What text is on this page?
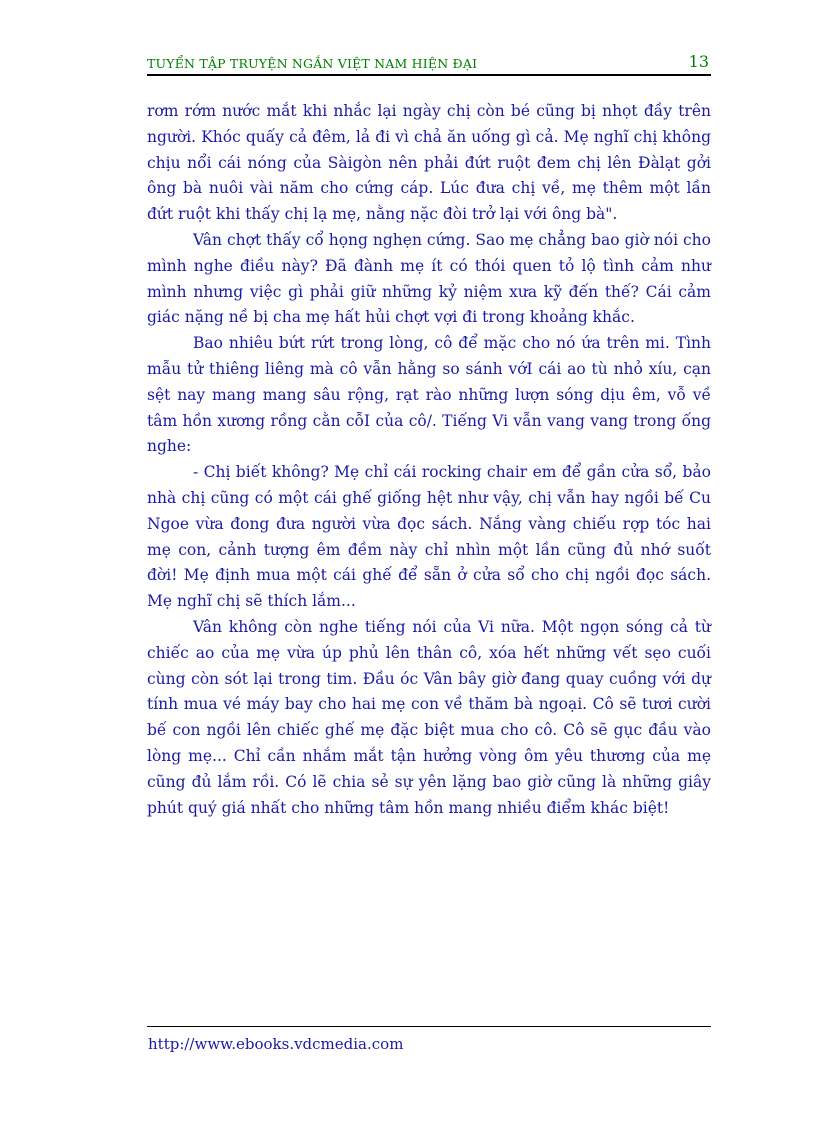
TUYỂN TẬP TRUYỆN NGẮN VIỆT NAM HIỆN ĐẠI	13

rơm rớm nước mắt khi nhắc lại ngày chị còn bé cũng bị nhọt đầy trên người. Khóc quấy cả đêm, lả đi vì chả ăn uống gì cả. Mẹ nghĩ chị không chịu nổi cái nóng của Sàigòn nên phải đứt ruột đem chị lên Đàlạt gởi ông bà nuôi vài năm cho cứng cáp. Lúc đưa chị về, mẹ thêm một lần đứt ruột khi thấy chị lạ mẹ, nằng nặc đòi trở lại với ông bà".

Vân chợt thấy cổ họng nghẹn cứng. Sao mẹ chẳng bao giờ nói cho mình nghe điều này? Đã đành mẹ ít có thói quen tỏ lộ tình cảm như mình nhưng việc gì phải giữ những kỷ niệm xưa kỹ đến thế? Cái cảm giác nặng nề bị cha mẹ hất hủi chợt vợi đi trong khoảng khắc.

Bao nhiêu bứt rứt trong lòng, cô để mặc cho nó ứa trên mi. Tình mẫu tử thiêng liêng mà cô vẫn hằng so sánh vớI cái ao tù nhỏ xíu, cạn sệt nay mang mang sâu rộng, rạt rào những lượn sóng dịu êm, vỗ về tâm hồn xương rồng cằn cỗI của cô/. Tiếng Vi vẫn vang vang trong ống nghe:

- Chị biết không? Mẹ chỉ cái rocking chair em để gần cửa sổ, bảo nhà chị cũng có một cái ghế giống hệt như vậy, chị vẫn hay ngồi bế Cu Ngoe vừa đong đưa người vừa đọc sách. Nắng vàng chiếu rợp tóc hai mẹ con, cảnh tượng êm đềm này chỉ nhìn một lần cũng đủ nhớ suốt đời! Mẹ định mua một cái ghế để sẵn ở cửa sổ cho chị ngồi đọc sách. Mẹ nghĩ chị sẽ thích lắm...

Vân không còn nghe tiếng nói của Vi nữa. Một ngọn sóng cả từ chiếc ao của mẹ vừa úp phủ lên thân cô, xóa hết những vết sẹo cuối cùng còn sót lại trong tim. Đầu óc Vân bây giờ đang quay cuồng với dự tính mua vé máy bay cho hai mẹ con về thăm bà ngoại. Cô sẽ tươi cười bế con ngồi lên chiếc ghế mẹ đặc biệt mua cho cô. Cô sẽ gục đầu vào lòng mẹ... Chỉ cần nhắm mắt tận hưởng vòng ôm yêu thương của mẹ cũng đủ lắm rồi. Có lẽ chia sẻ sự yên lặng bao giờ cũng là những giây phút quý giá nhất cho những tâm hồn mang nhiều điểm khác biệt!

http://www.ebooks.vdcmedia.com
